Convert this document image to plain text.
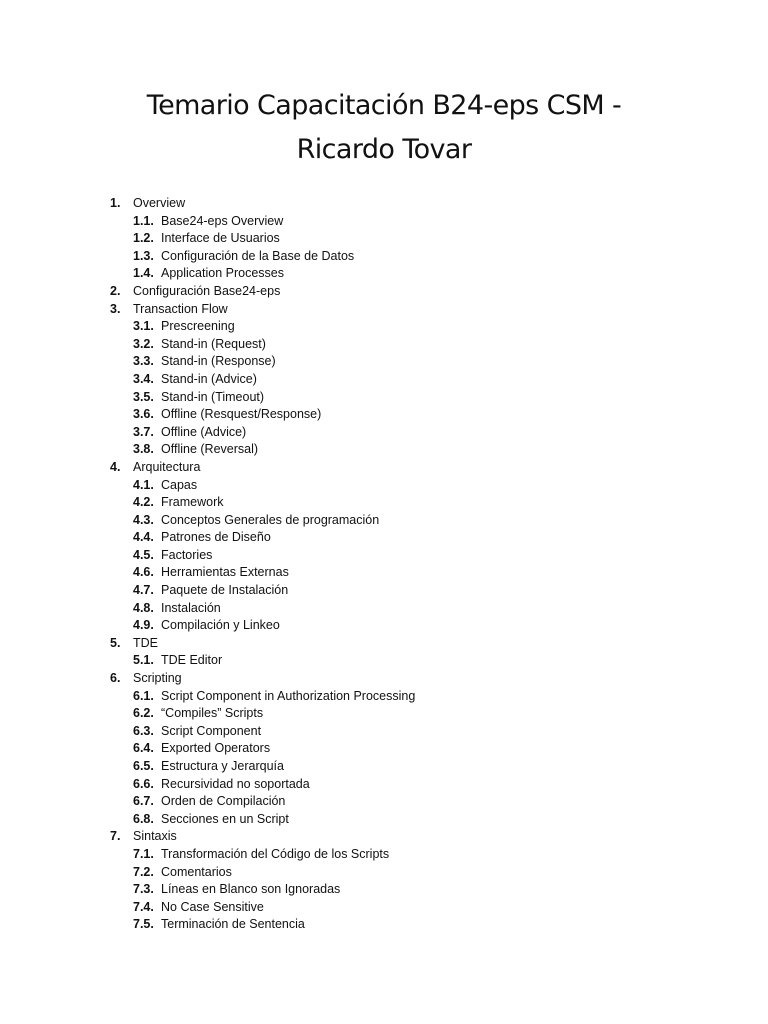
Temario Capacitación B24-eps CSM -
Ricardo Tovar
1. Overview
1.1. Base24-eps Overview
1.2. Interface de Usuarios
1.3. Configuración de la Base de Datos
1.4. Application Processes
2. Configuración Base24-eps
3. Transaction Flow
3.1. Prescreening
3.2. Stand-in (Request)
3.3. Stand-in (Response)
3.4. Stand-in (Advice)
3.5. Stand-in (Timeout)
3.6. Offline (Resquest/Response)
3.7. Offline (Advice)
3.8. Offline (Reversal)
4. Arquitectura
4.1. Capas
4.2. Framework
4.3. Conceptos Generales de programación
4.4. Patrones de Diseño
4.5. Factories
4.6. Herramientas Externas
4.7. Paquete de Instalación
4.8. Instalación
4.9. Compilación y Linkeo
5. TDE
5.1. TDE Editor
6. Scripting
6.1. Script Component in Authorization Processing
6.2. “Compiles” Scripts
6.3. Script Component
6.4. Exported Operators
6.5. Estructura y Jerarquía
6.6. Recursividad no soportada
6.7. Orden de Compilación
6.8. Secciones en un Script
7. Sintaxis
7.1. Transformación del Código de los Scripts
7.2. Comentarios
7.3. Líneas en Blanco son Ignoradas
7.4. No Case Sensitive
7.5. Terminación de Sentencia
